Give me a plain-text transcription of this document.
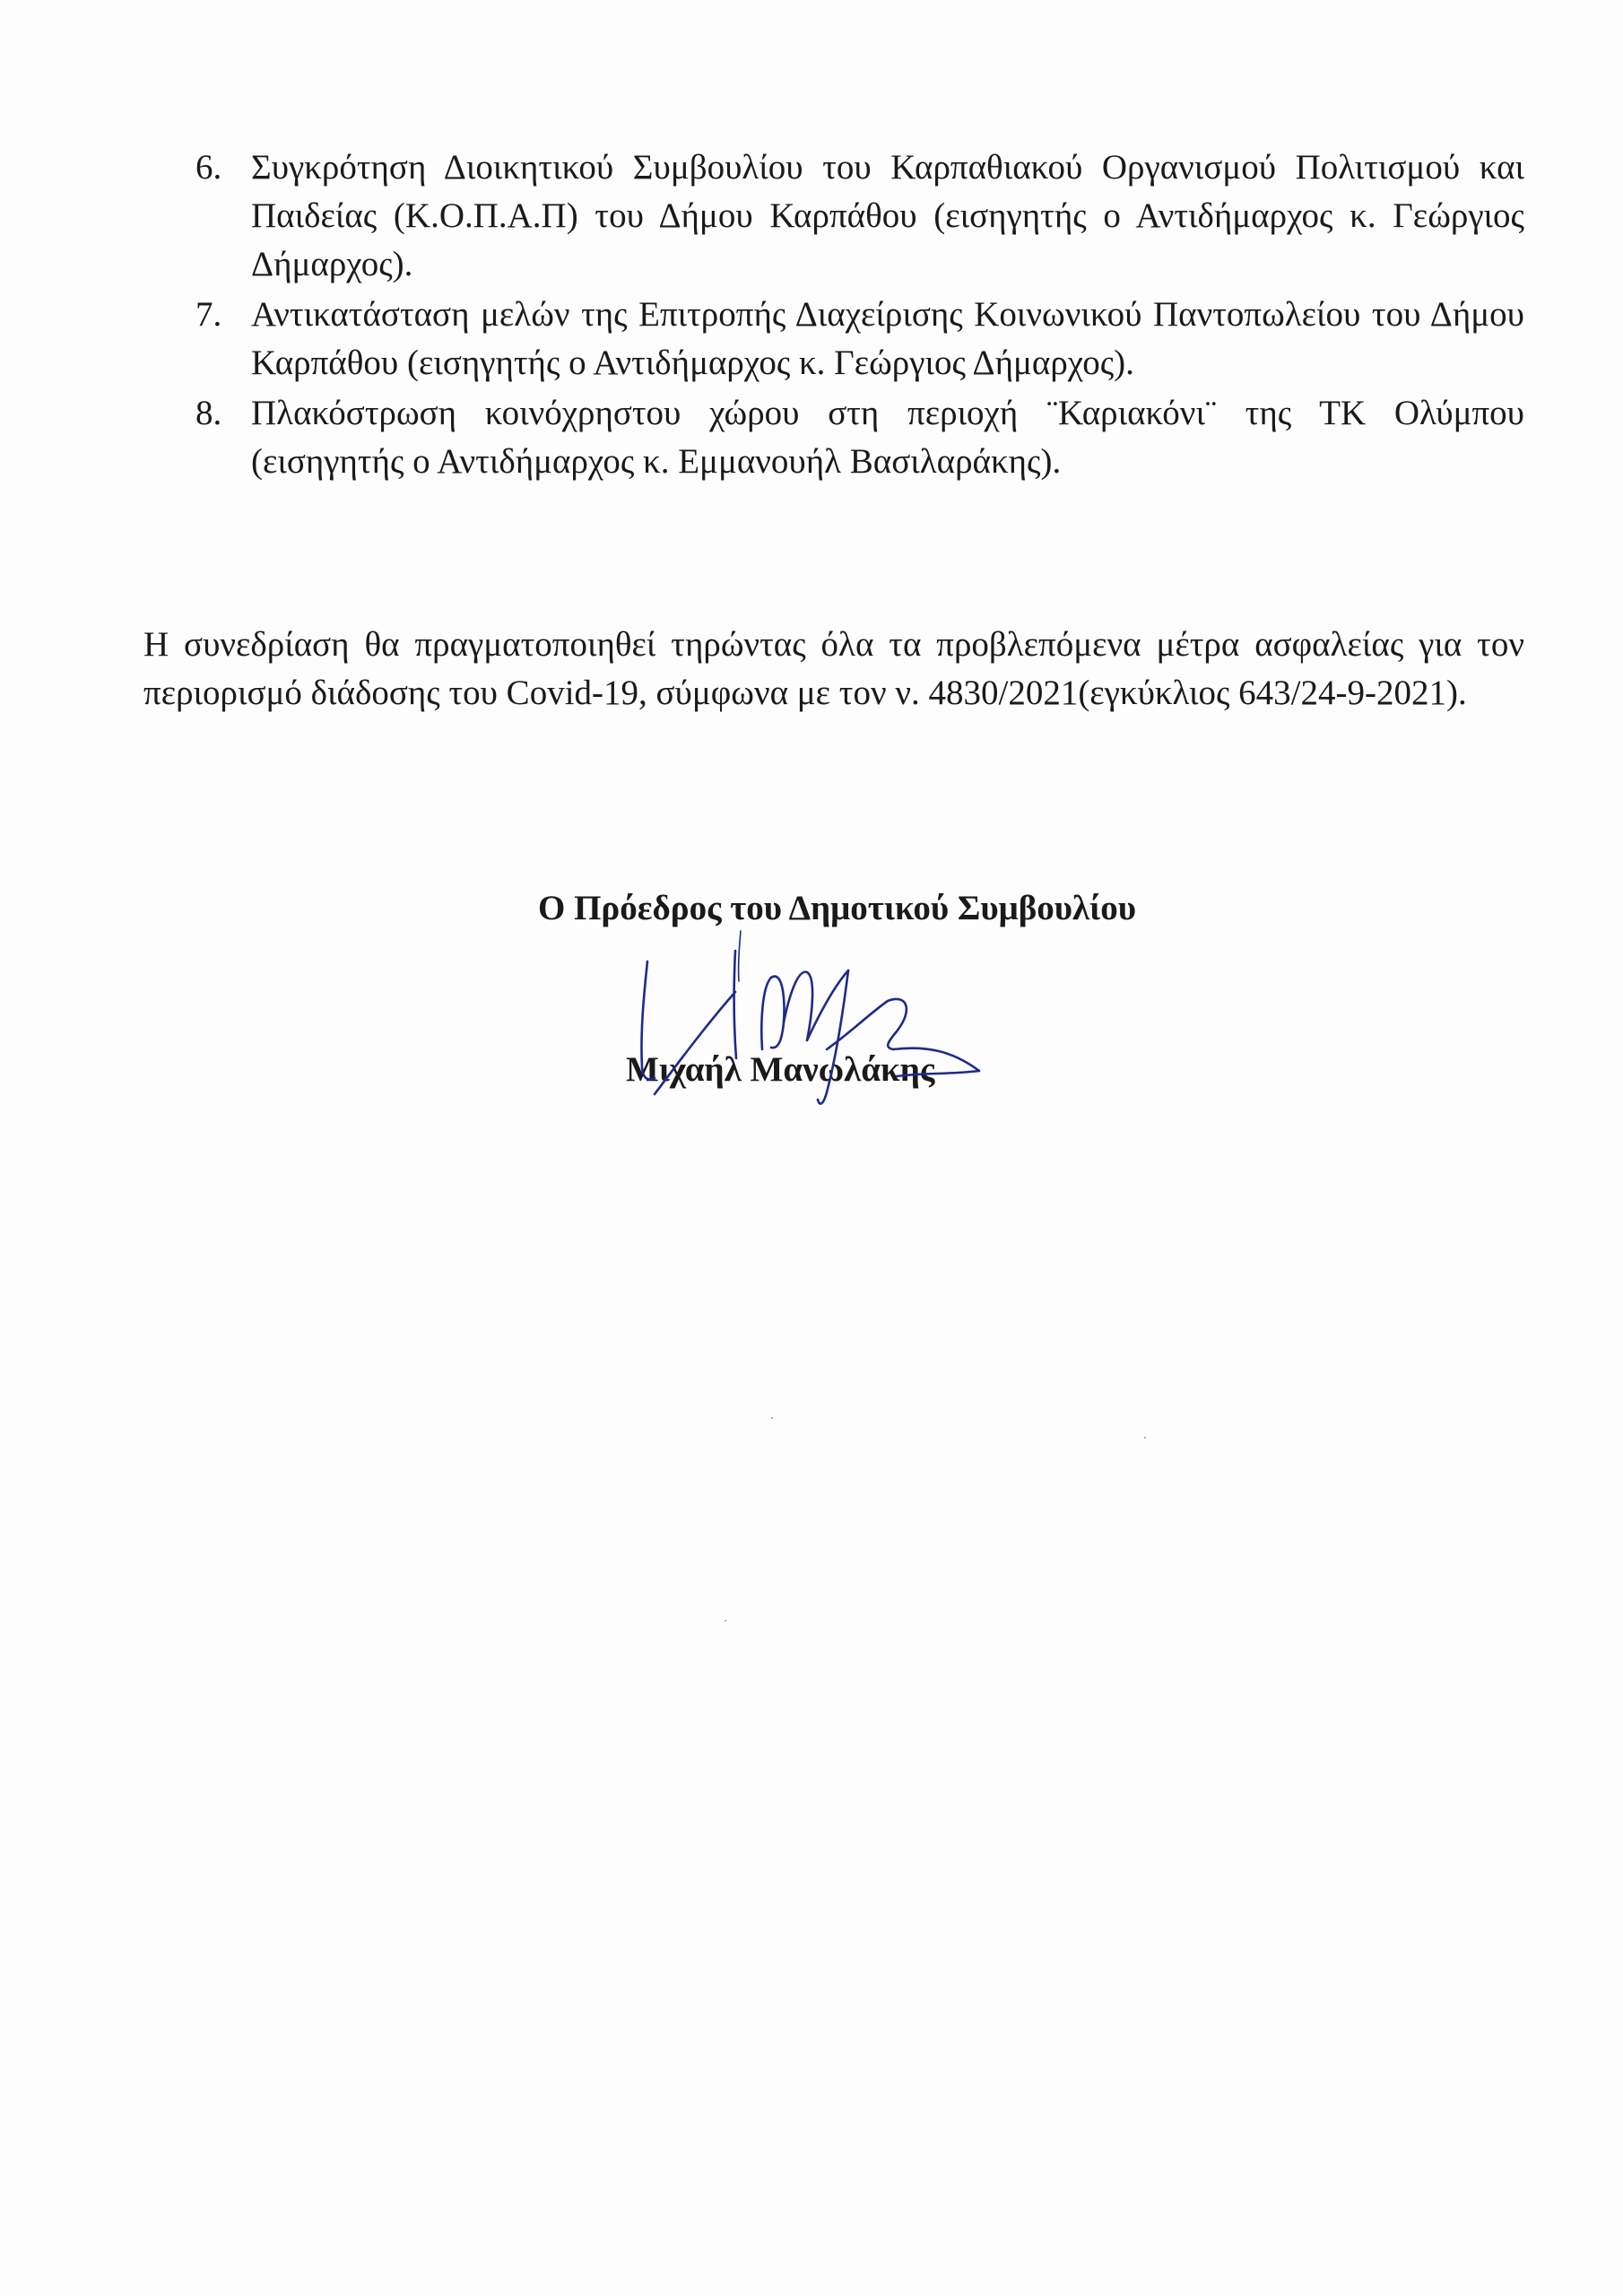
6. Συγκρότηση Διοικητικού Συμβουλίου του Καρπαθιακού Οργανισμού Πολιτισμού και Παιδείας (Κ.Ο.Π.Α.Π) του Δήμου Καρπάθου (εισηγητής ο Αντιδήμαρχος κ. Γεώργιος Δήμαρχος).
7. Αντικατάσταση μελών της Επιτροπής Διαχείρισης Κοινωνικού Παντοπωλείου του Δήμου Καρπάθου (εισηγητής ο Αντιδήμαρχος κ. Γεώργιος Δήμαρχος).
8. Πλακόστρωση κοινόχρηστου χώρου στη περιοχή ¨Καριακόνι¨ της ΤΚ Ολύμπου (εισηγητής ο Αντιδήμαρχος κ. Εμμανουήλ Βασιλαράκης).

Η συνεδρίαση θα πραγματοποιηθεί τηρώντας όλα τα προβλεπόμενα μέτρα ασφαλείας για τον περιορισμό διάδοσης του Covid-19, σύμφωνα με τον ν. 4830/2021(εγκύκλιος 643/24-9-2021).

Ο Πρόεδρος του Δημοτικού Συμβουλίου
Μιχαήλ Μανωλάκης
